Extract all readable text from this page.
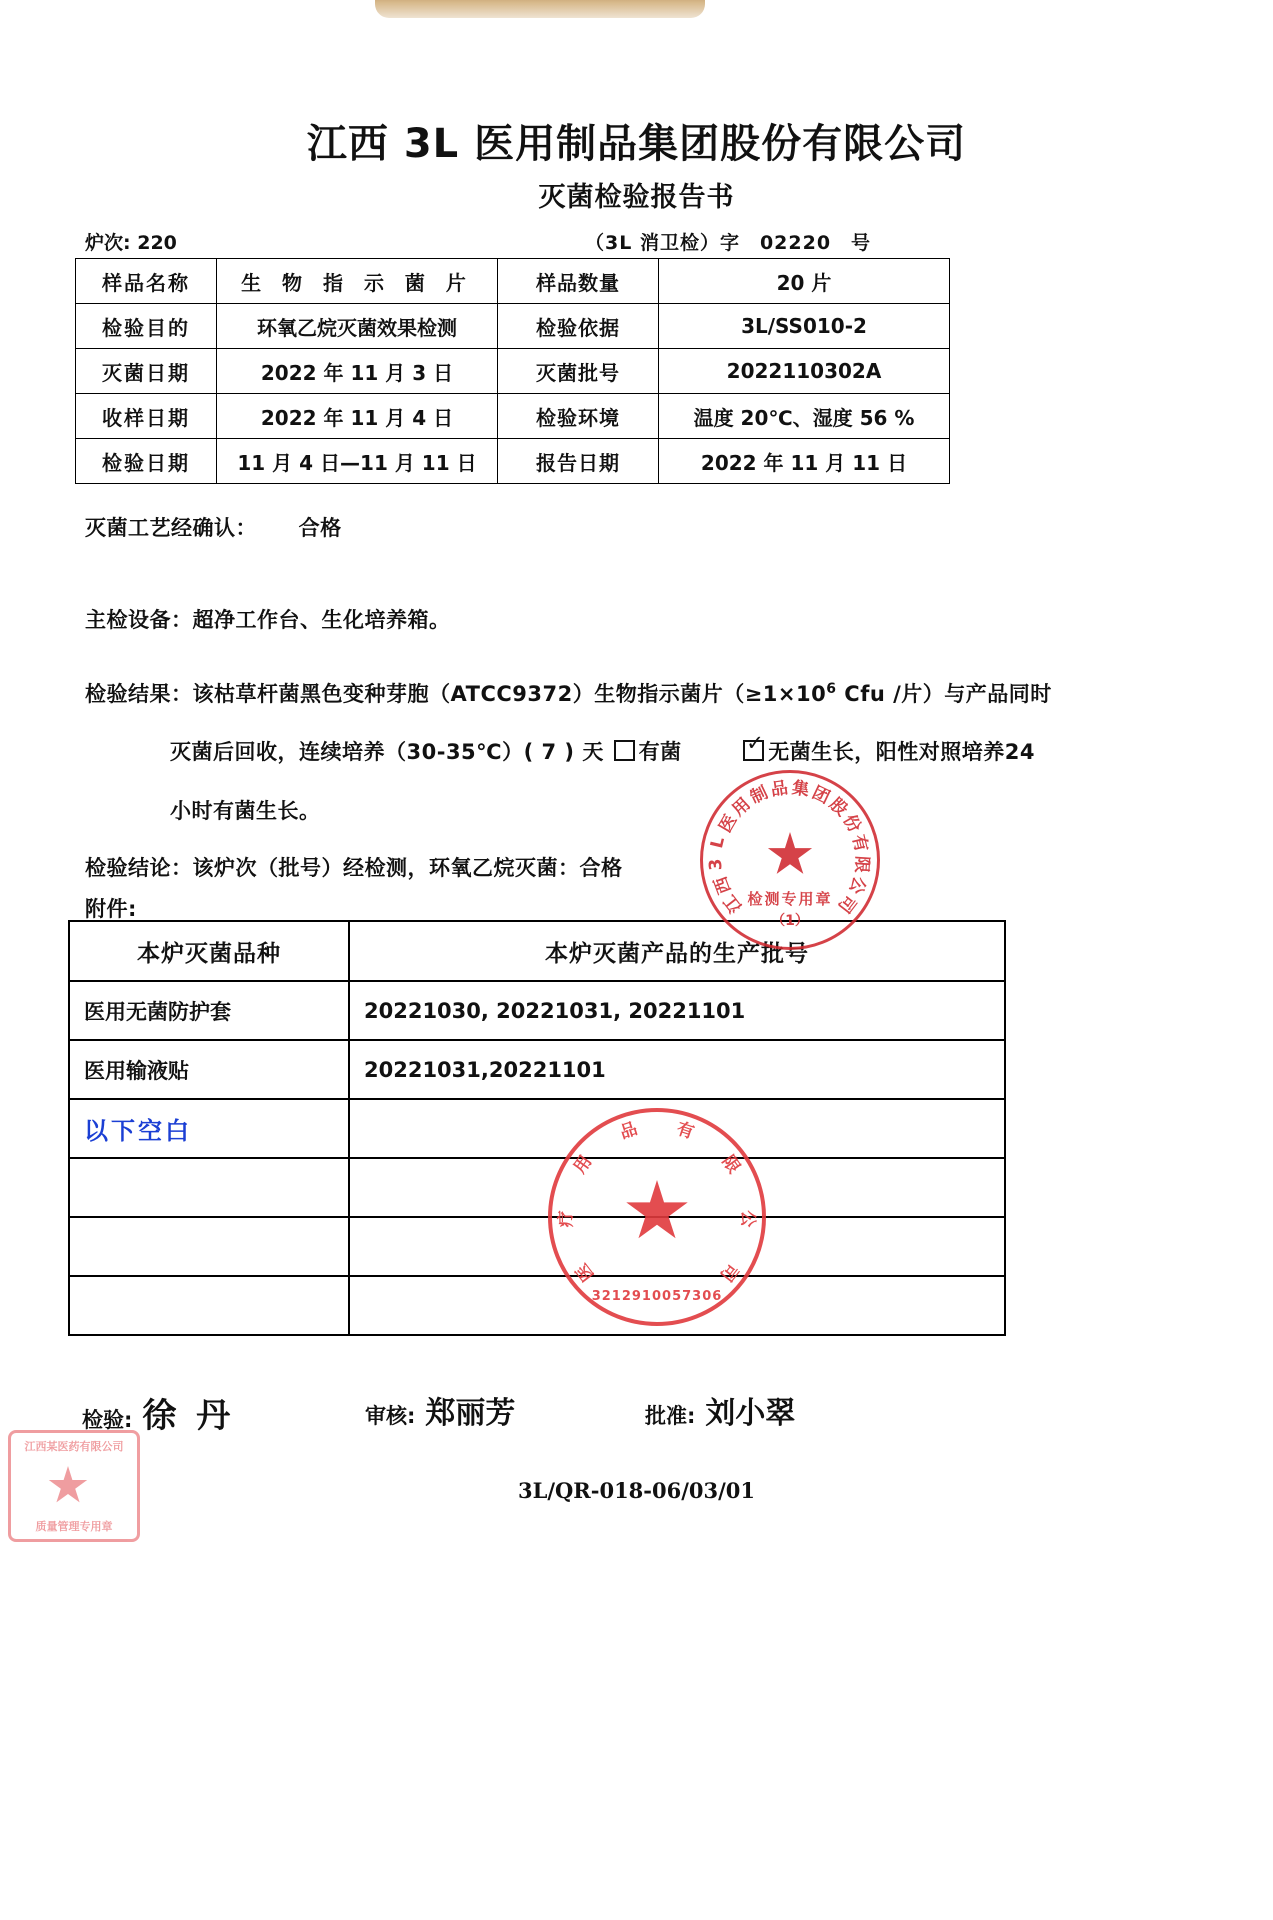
江西 3L 医用制品集团股份有限公司
灭菌检验报告书
炉次: 220	（3L 消卫检）字　02220　号
样品名称	生 物 指 示 菌 片	样品数量	20 片
检验目的	环氧乙烷灭菌效果检测	检验依据	3L/SS010-2
灭菌日期	2022 年 11 月 3 日	灭菌批号	2022110302A
收样日期	2022 年 11 月 4 日	检验环境	温度 20℃、湿度 56 %
检验日期	11 月 4 日—11 月 11 日	报告日期	2022 年 11 月 11 日
灭菌工艺经确认： 合格
主检设备：超净工作台、生化培养箱。
检验结果：该枯草杆菌黑色变种芽胞（ATCC9372）生物指示菌片（$\ge 1\times 10^6$ Cfu /片）与产品同时
灭菌后回收，连续培养（30-35℃）( 7 ) 天 有菌 ✓	无菌生长，阳性对照培养24
小时有菌生长。
检验结论：该炉次（批号）经检测，环氧乙烷灭菌：合格
附件:
本炉灭菌品种	本炉灭菌产品的生产批号
医用无菌防护套	20221030, 20221031, 20221101
医用输液贴	20221031,20221101
以下空白	

检验: 徐 丹	审核: 郑丽芳	批准: 刘小翠
3L/QR-018-06/03/01
江
西
3
L
医
用
制
品 集
团
股
份
有
限
公
司
检测专用章
（1）
医
疗
用
品 有
限
公
司
3212910057306
江西某医药有限公司
质量管理专用章
